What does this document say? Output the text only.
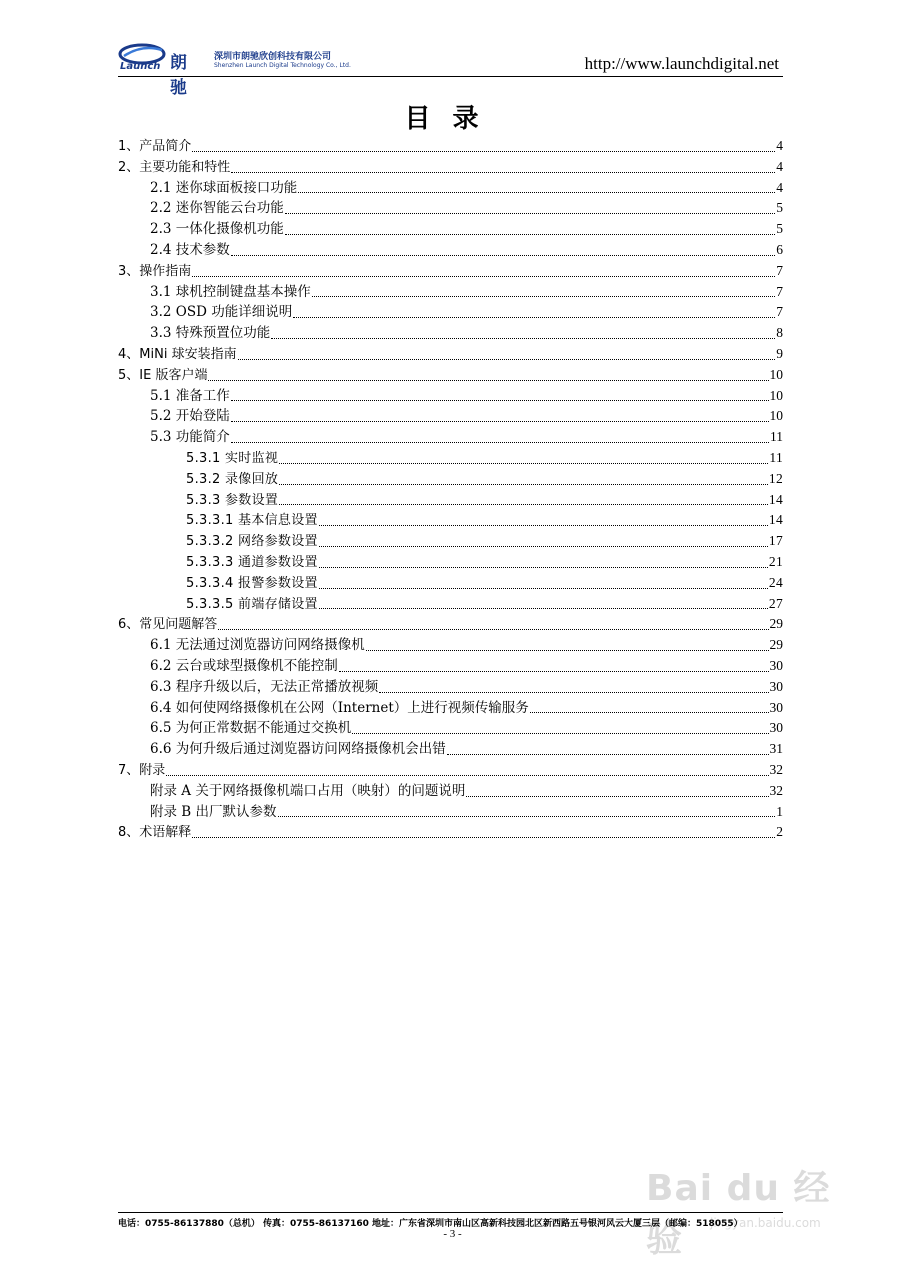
Launch 朗驰
深圳市朗驰欣创科技有限公司
Shenzhen Launch Digital Technology Co., Ltd.	http://www.launchdigital.net
目录
1、产品简介	4
2、主要功能和特性	4
2.1 迷你球面板接口功能	4
2.2 迷你智能云台功能	5
2.3 一体化摄像机功能	5
2.4 技术参数	6
3、操作指南	7
3.1 球机控制键盘基本操作	7
3.2 OSD 功能详细说明	7
3.3 特殊预置位功能	8
4、MiNi 球安装指南	9
5、IE 版客户端	10
5.1 准备工作	10
5.2 开始登陆	10
5.3 功能简介	11
5.3.1 实时监视	11
5.3.2 录像回放	12
5.3.3 参数设置	14
5.3.3.1 基本信息设置	14
5.3.3.2 网络参数设置	17
5.3.3.3 通道参数设置	21
5.3.3.4 报警参数设置	24
5.3.3.5 前端存储设置	27
6、常见问题解答	29
6.1 无法通过浏览器访问网络摄像机	29
6.2 云台或球型摄像机不能控制	30
6.3 程序升级以后，无法正常播放视频	30
6.4 如何使网络摄像机在公网（Internet）上进行视频传输服务	30
6.5 为何正常数据不能通过交换机	30
6.6 为何升级后通过浏览器访问网络摄像机会出错	31
7、附录	32
附录 A 关于网络摄像机端口占用（映射）的问题说明	32
附录 B 出厂默认参数	1
8、术语解释	2
Bai du 经验	jingyan.baidu.com
电话：0755-86137880（总机） 传真：0755-86137160 地址：广东省深圳市南山区高新科技园北区新西路五号银河风云大厦三层（邮编：518055）
- 3 -
